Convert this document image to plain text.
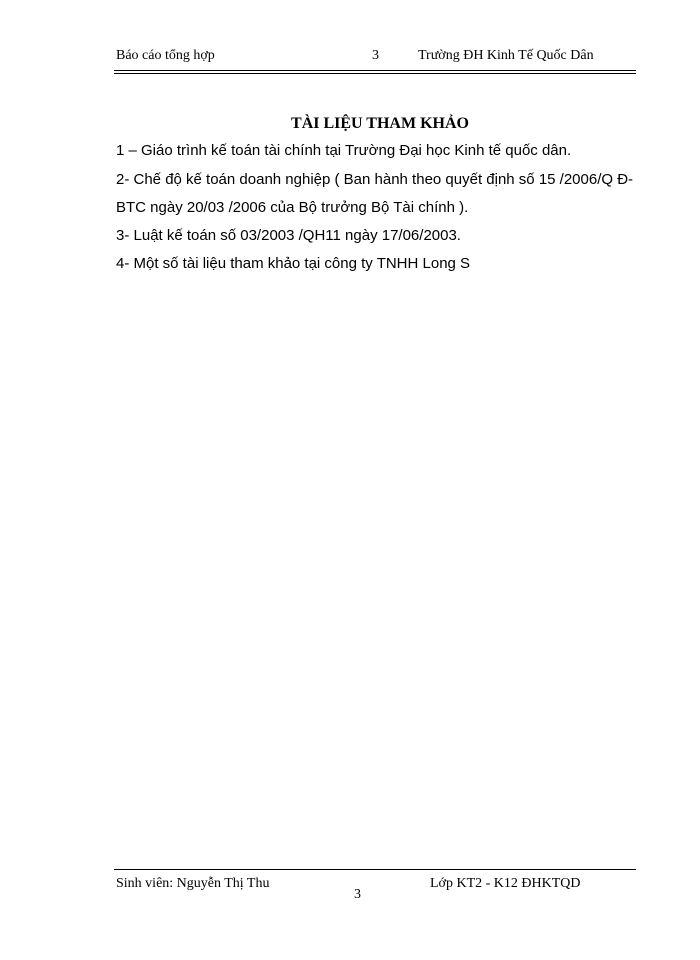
Báo cáo tổng hợp	3	Trường ĐH Kinh Tế Quốc Dân
TÀI LIỆU THAM KHẢO
1 – Giáo trình kế toán tài chính tại Trường Đại học Kinh tế quốc dân.
2- Chế độ kế toán doanh nghiệp ( Ban hành theo quyết định số 15 /2006/Q Đ-
BTC ngày 20/03 /2006 của Bộ trưởng Bộ Tài chính ).
3- Luật kế toán số 03/2003 /QH11 ngày 17/06/2003.
4- Một số tài liệu tham khảo tại công ty TNHH Long S
Sinh viên: Nguyễn Thị Thu	Lớp KT2 - K12 ĐHKTQD
3
